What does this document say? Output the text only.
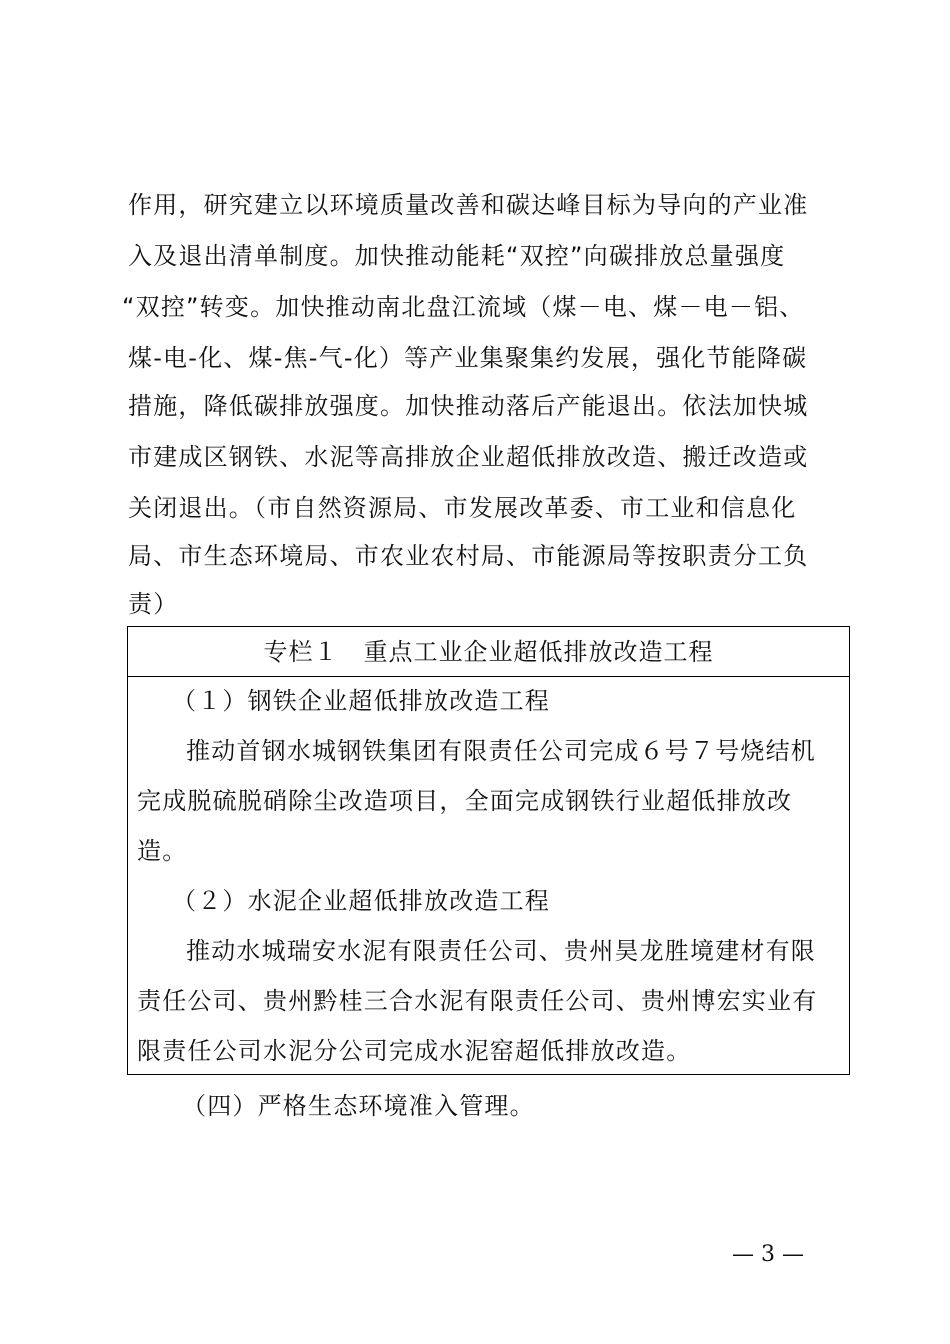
作用，研究建立以环境质量改善和碳达峰目标为导向的产业准
入及退出清单制度。加快推动能耗“双控”向碳排放总量强度
“双控”转变。加快推动南北盘江流域（煤－电、煤－电－铝、
煤-电-化、煤-焦-气-化）等产业集聚集约发展，强化节能降碳
措施，降低碳排放强度。加快推动落后产能退出。依法加快城
市建成区钢铁、水泥等高排放企业超低排放改造、搬迁改造或
关闭退出。（市自然资源局、市发展改革委、市工业和信息化
局、市生态环境局、市农业农村局、市能源局等按职责分工负
责）
专栏１　重点工业企业超低排放改造工程
（１）钢铁企业超低排放改造工程
推动首钢水城钢铁集团有限责任公司完成６号７号烧结机
完成脱硫脱硝除尘改造项目，全面完成钢铁行业超低排放改
造。
（２）水泥企业超低排放改造工程
推动水城瑞安水泥有限责任公司、贵州昊龙胜境建材有限
责任公司、贵州黔桂三合水泥有限责任公司、贵州博宏实业有
限责任公司水泥分公司完成水泥窑超低排放改造。
（四）严格生态环境准入管理。
— 3 —
